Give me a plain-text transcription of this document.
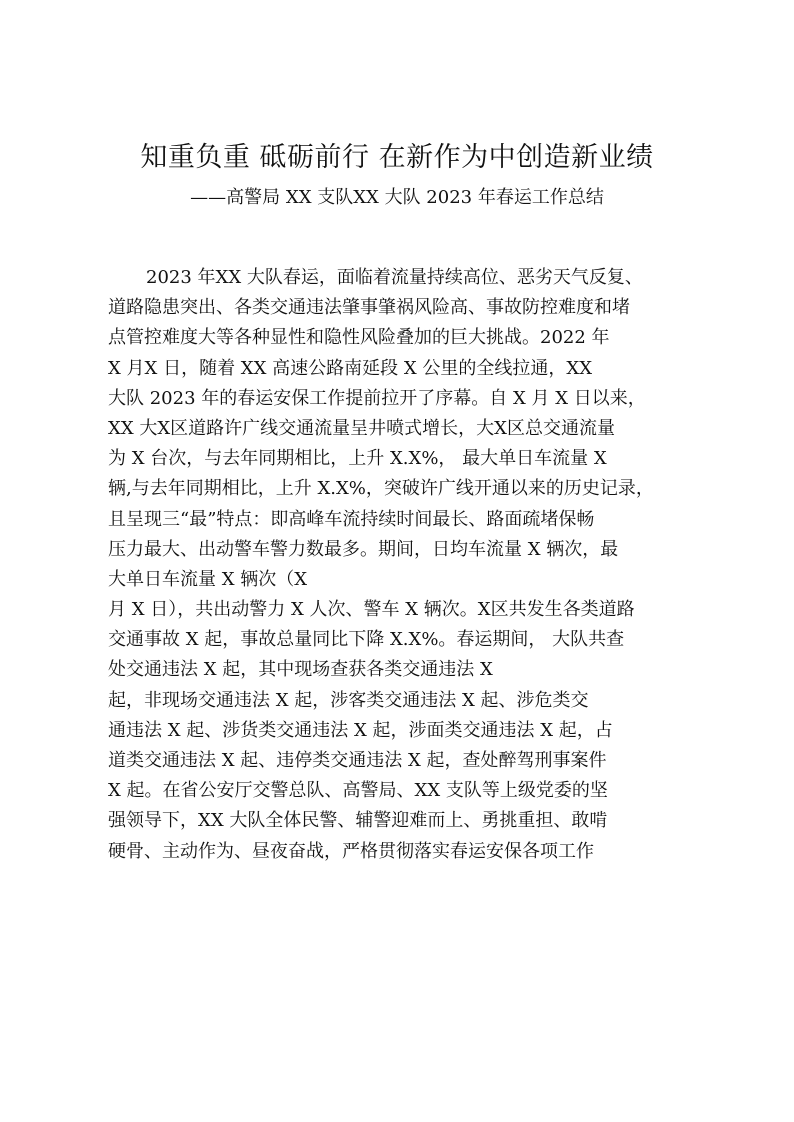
知重负重 砥砺前行 在新作为中创造新业绩
——高警局 XX 支队XX 大队 2023 年春运工作总结
2023 年XX 大队春运，面临着流量持续高位、恶劣天气反复、
道路隐患突出、各类交通违法肇事肇祸风险高、事故防控难度和堵
点管控难度大等各种显性和隐性风险叠加的巨大挑战。2022 年
X 月X 日，随着 XX 高速公路南延段 X 公里的全线拉通，XX
大队 2023 年的春运安保工作提前拉开了序幕。自 X 月 X 日以来，
XX 大X区道路许广线交通流量呈井喷式增长，大X区总交通流量
为 X 台次，与去年同期相比，上升 X.X%， 最大单日车流量 X
辆,与去年同期相比，上升 X.X%，突破许广线开通以来的历史记录，
且呈现三“最”特点：即高峰车流持续时间最长、路面疏堵保畅
压力最大、出动警车警力数最多。期间，日均车流量 X 辆次，最
大单日车流量 X 辆次（X
月 X 日），共出动警力 X 人次、警车 X 辆次。X区共发生各类道路
交通事故 X 起，事故总量同比下降 X.X%。春运期间， 大队共查
处交通违法 X 起，其中现场查获各类交通违法 X
起，非现场交通违法 X 起，涉客类交通违法 X 起、涉危类交
通违法 X 起、涉货类交通违法 X 起，涉面类交通违法 X 起，占
道类交通违法 X 起、违停类交通违法 X 起，查处醉驾刑事案件
X 起。在省公安厅交警总队、高警局、XX 支队等上级党委的坚
强领导下，XX 大队全体民警、辅警迎难而上、勇挑重担、敢啃
硬骨、主动作为、昼夜奋战，严格贯彻落实春运安保各项工作
